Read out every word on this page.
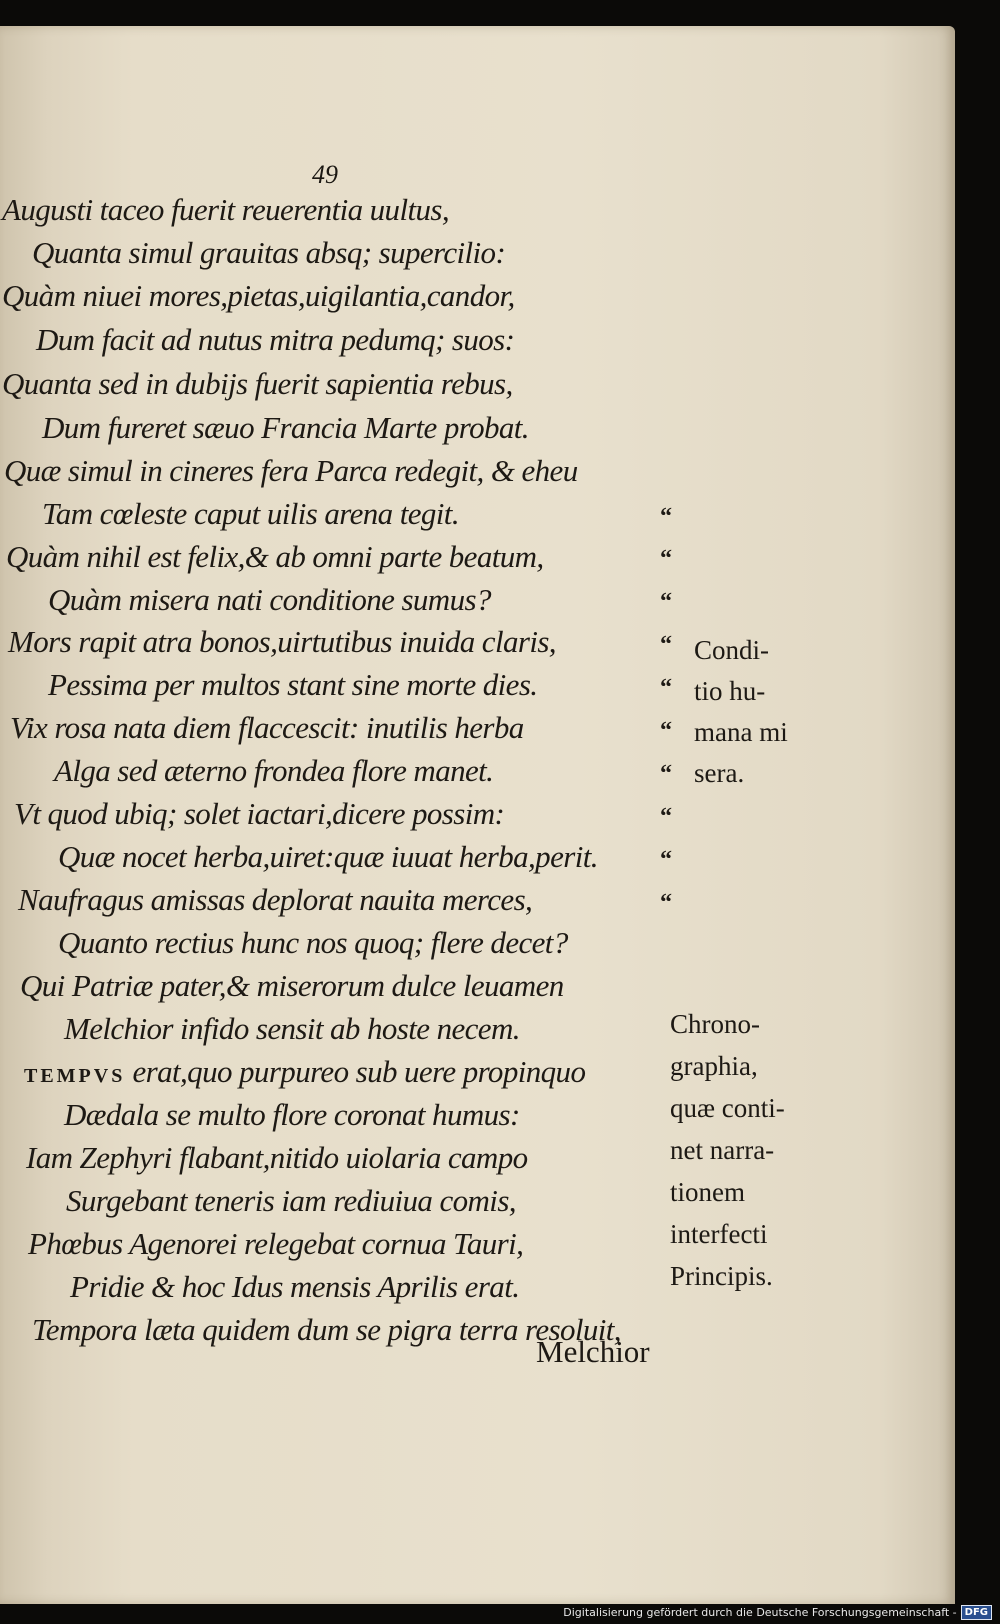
49
Augusti taceo fuerit reuerentia uultus,
Quanta simul grauitas absq; supercilio:
Quàm niuei mores,pietas,uigilantia,candor,
Dum facit ad nutus mitra pedumq; suos:
Quanta sed in dubijs fuerit sapientia rebus,
Dum fureret sæuo Francia Marte probat.
Quæ simul in cineres fera Parca redegit, & eheu
Tam cœleste caput uilis arena tegit.
Quàm nihil est felix,& ab omni parte beatum,
Quàm misera nati conditione sumus?
Mors rapit atra bonos,uirtutibus inuida claris,
Pessima per multos stant sine morte dies.
Vix rosa nata diem flaccescit: inutilis herba
Alga sed æterno frondea flore manet.
Vt quod ubiq; solet iactari,dicere possim:
Quæ nocet herba,uiret:quæ iuuat herba,perit.
Naufragus amissas deplorat nauita merces,
Quanto rectius hunc nos quoq; flere decet?
Qui Patriæ pater,& miserorum dulce leuamen
Melchior infido sensit ab hoste necem.
TEMPVS erat,quo purpureo sub uere propinquo
Dædala se multo flore coronat humus:
Iam Zephyri flabant,nitido uiolaria campo
Surgebant teneris iam rediuiua comis,
Phœbus Agenorei relegebat cornua Tauri,
Pridie & hoc Idus mensis Aprilis erat.
Tempora læta quidem dum se pigra terra resoluit,
Melchior
“
“
“
“
“
“
“
“
“
“
Condi-
tio hu-
mana mi
sera.
Chrono-
graphia,
quæ conti-
net narra-
tionem
interfecti
Principis.
Digitalisierung gefördert durch die Deutsche Forschungsgemeinschaft - DFG
